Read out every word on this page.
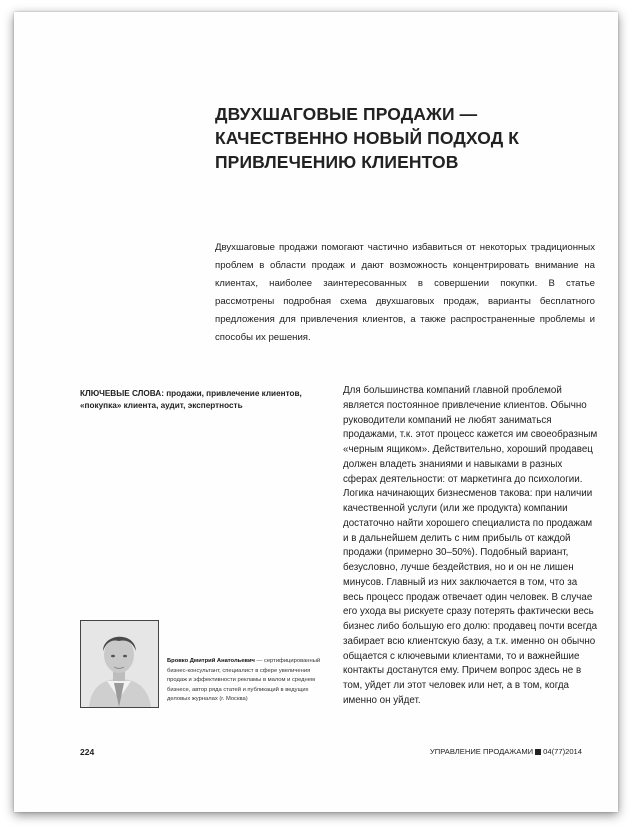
ДВУХШАГОВЫЕ ПРОДАЖИ — КАЧЕСТВЕННО НОВЫЙ ПОДХОД К ПРИВЛЕЧЕНИЮ КЛИЕНТОВ

Двухшаговые продажи помогают частично избавиться от некоторых традиционных проблем в области продаж и дают возможность концентрировать внимание на клиентах, наиболее заинтересованных в совершении покупки. В статье рассмотрены подробная схема двухшаговых продаж, варианты бесплатного предложения для привлечения клиентов, а также распространенные проблемы и способы их решения.

КЛЮЧЕВЫЕ СЛОВА: продажи, привлечение клиентов, «покупка» клиента, аудит, экспертность

Для большинства компаний главной проблемой является постоянное привлечение клиентов. Обычно руководители компаний не любят заниматься продажами, т.к. этот процесс кажется им своеобразным «черным ящиком». Действительно, хороший продавец должен владеть знаниями и навыками в разных сферах деятельности: от маркетинга до психологии. Логика начинающих бизнесменов такова: при наличии качественной услуги (или же продукта) компании достаточно найти хорошего специалиста по продажам и в дальнейшем делить с ним прибыль от каждой продажи (примерно 30–50%). Подобный вариант, безусловно, лучше бездействия, но и он не лишен минусов. Главный из них заключается в том, что за весь процесс продаж отвечает один человек. В случае его ухода вы рискуете сразу потерять фактически весь бизнес либо большую его долю: продавец почти всегда забирает всю клиентскую базу, а т.к. именно он обычно общается с ключевыми клиентами, то и важнейшие контакты достанутся ему. Причем вопрос здесь не в том, уйдет ли этот человек или нет, а в том, когда именно он уйдет.

Бровко Дмитрий Анатольевич — сертифицированный бизнес-консультант, специалист в сфере увеличения продаж и эффективности рекламы в малом и среднем бизнесе, автор ряда статей и публикаций в ведущих деловых журналах (г. Москва)

224	УПРАВЛЕНИЕ ПРОДАЖАМИ 04(77)2014
